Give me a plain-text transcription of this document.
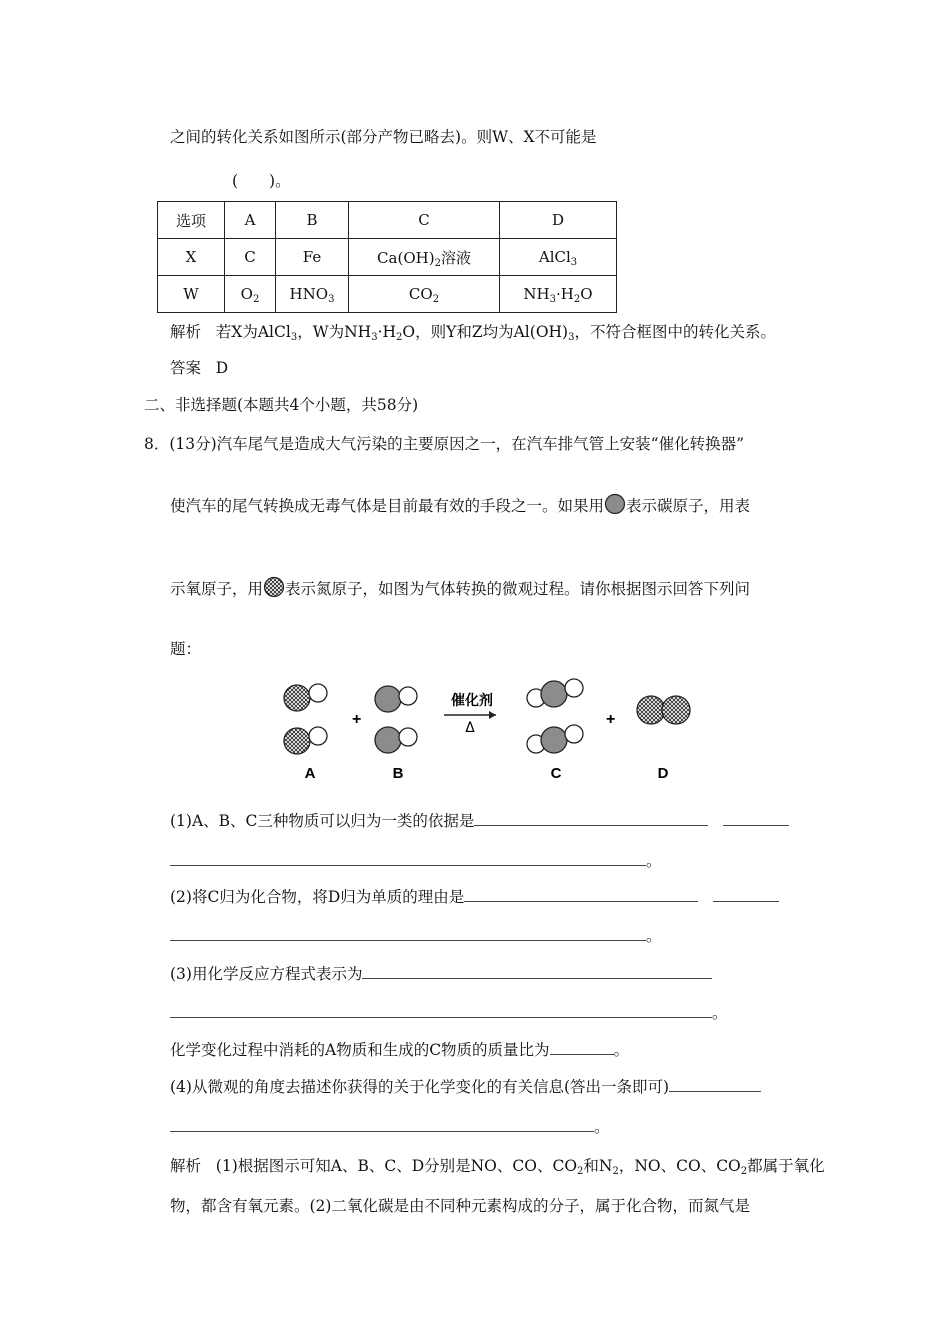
之间的转化关系如图所示(部分产物已略去)。则W、X不可能是
(　　)。
选项	A	B	C	D
X	C	Fe	$Ca(OH)_2$溶液	AlCl$_3$
W	$O_2$	$HNO_3$	$CO_2$	$NH_3\cdot H_2O$
解析 若X为AlCl$_3$，W为$NH_3\cdot H_2O$，则Y和Z均为$Al(OH)_3$，不符合框图中的转化关系。
答案 D
二、非选择题(本题共4个小题，共58分)
8．(13分)汽车尾气是造成大气污染的主要原因之一，在汽车排气管上安装“催化转换器”
使汽车的尾气转换成无毒气体是目前最有效的手段之一。如果用 表示碳原子，用表
示氧原子，用 表示氮原子，如图为气体转换的微观过程。请你根据图示回答下列问
题：
+
催化剂
Δ	+
A	B	C	D
(1)A、B、C三种物质可以归为一类的依据是
。
(2)将C归为化合物，将D归为单质的理由是
。
(3)用化学反应方程式表示为
。
化学变化过程中消耗的A物质和生成的C物质的质量比为	。
(4)从微观的角度去描述你获得的关于化学变化的有关信息(答出一条即可)
。
解析 (1)根据图示可知A、B、C、D分别是NO、CO、$CO_2$和$N_2$，NO、CO、$CO_2$都属于氧化
物，都含有氧元素。(2)二氧化碳是由不同种元素构成的分子，属于化合物，而氮气是
